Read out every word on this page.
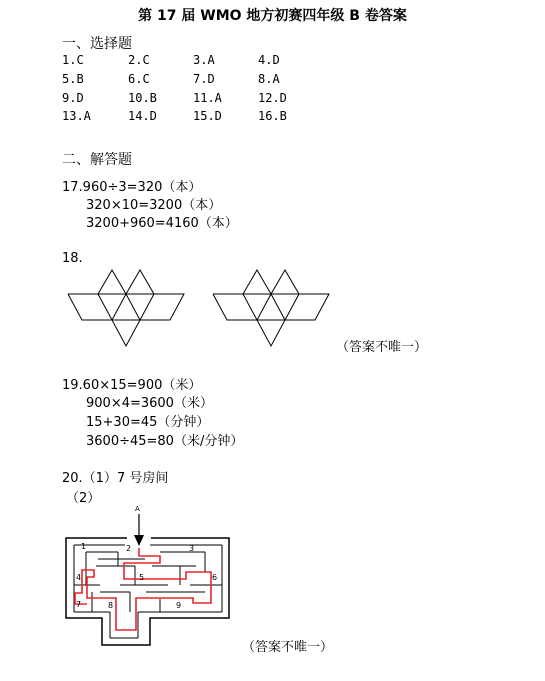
第 17 届 WMO 地方初赛四年级 B 卷答案
一、选择题
1.C	2.C	3.A	4.D
5.B	6.C	7.D	8.A
9.D	10.B	11.A	12.D
13.A	14.D	15.D	16.B
二、解答题
17.960÷3=320（本）
320×10=3200（本）
3200+960=4160（本）
18.
（答案不唯一）
19.60×15=900（米）
900×4=3600（米）
15+30=45（分钟）
3600÷45=80（米/分钟）
20.（1）7 号房间
（2）
A
1	2	3
4	5	6
7	8	9
（答案不唯一）
